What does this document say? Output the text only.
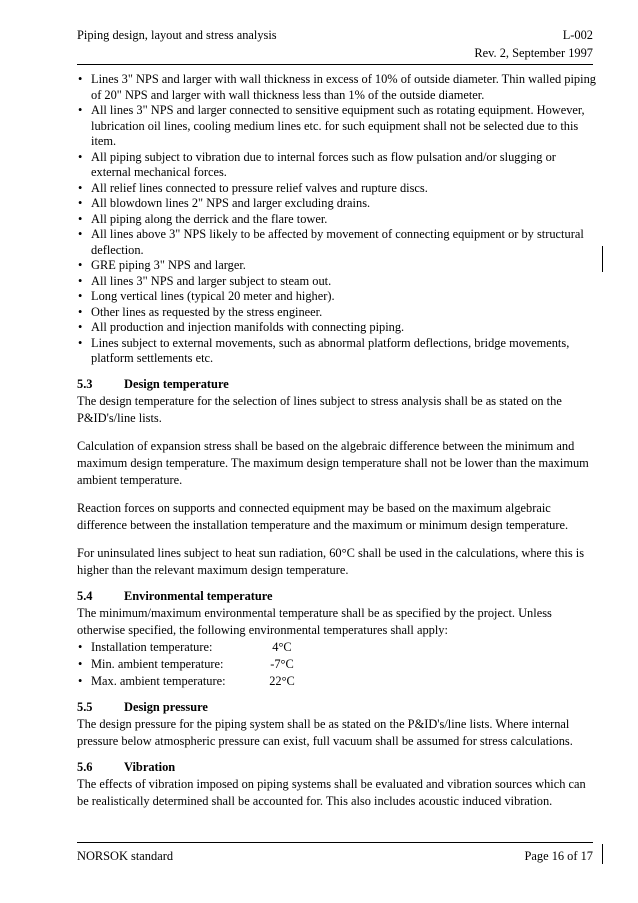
Piping design, layout and stress analysis	L-002
Rev. 2, September 1997
• Lines 3" NPS and larger with wall thickness in excess of 10% of outside diameter. Thin walled piping of 20" NPS and larger with wall thickness less than 1% of the outside diameter.
• All lines 3" NPS and larger connected to sensitive equipment such as rotating equipment. However, lubrication oil lines, cooling medium lines etc. for such equipment shall not be selected due to this item.
• All piping subject to vibration due to internal forces such as flow pulsation and/or slugging or external mechanical forces.
• All relief lines connected to pressure relief valves and rupture discs.
• All blowdown lines 2" NPS and larger excluding drains.
• All piping along the derrick and the flare tower.
• All lines above 3" NPS likely to be affected by movement of connecting equipment or by structural deflection.
• GRE piping 3" NPS and larger.
• All lines 3" NPS and larger subject to steam out.
• Long vertical lines (typical 20 meter and higher).
• Other lines as requested by the stress engineer.
• All production and injection manifolds with connecting piping.
• Lines subject to external movements, such as abnormal platform deflections, bridge movements, platform settlements etc.
5.3	Design temperature

The design temperature for the selection of lines subject to stress analysis shall be as stated on the P&ID's/line lists.

Calculation of expansion stress shall be based on the algebraic difference between the minimum and maximum design temperature. The maximum design temperature shall not be lower than the maximum ambient temperature.

Reaction forces on supports and connected equipment may be based on the maximum algebraic difference between the installation temperature and the maximum or minimum design temperature.

For uninsulated lines subject to heat sun radiation, 60°C shall be used in the calculations, where this is higher than the relevant maximum design temperature.

5.4	Environmental temperature

The minimum/maximum environmental temperature shall be as specified by the project. Unless otherwise specified, the following environmental temperatures shall apply:

• Installation temperature:	4°C
• Min. ambient temperature:	-7°C
• Max. ambient temperature:	22°C
5.5	Design pressure

The design pressure for the piping system shall be as stated on the P&ID's/line lists. Where internal pressure below atmospheric pressure can exist, full vacuum shall be assumed for stress calculations.

5.6	Vibration

The effects of vibration imposed on piping systems shall be evaluated and vibration sources which can be realistically determined shall be accounted for. This also includes acoustic induced vibration.

NORSOK standard	Page 16 of 17
